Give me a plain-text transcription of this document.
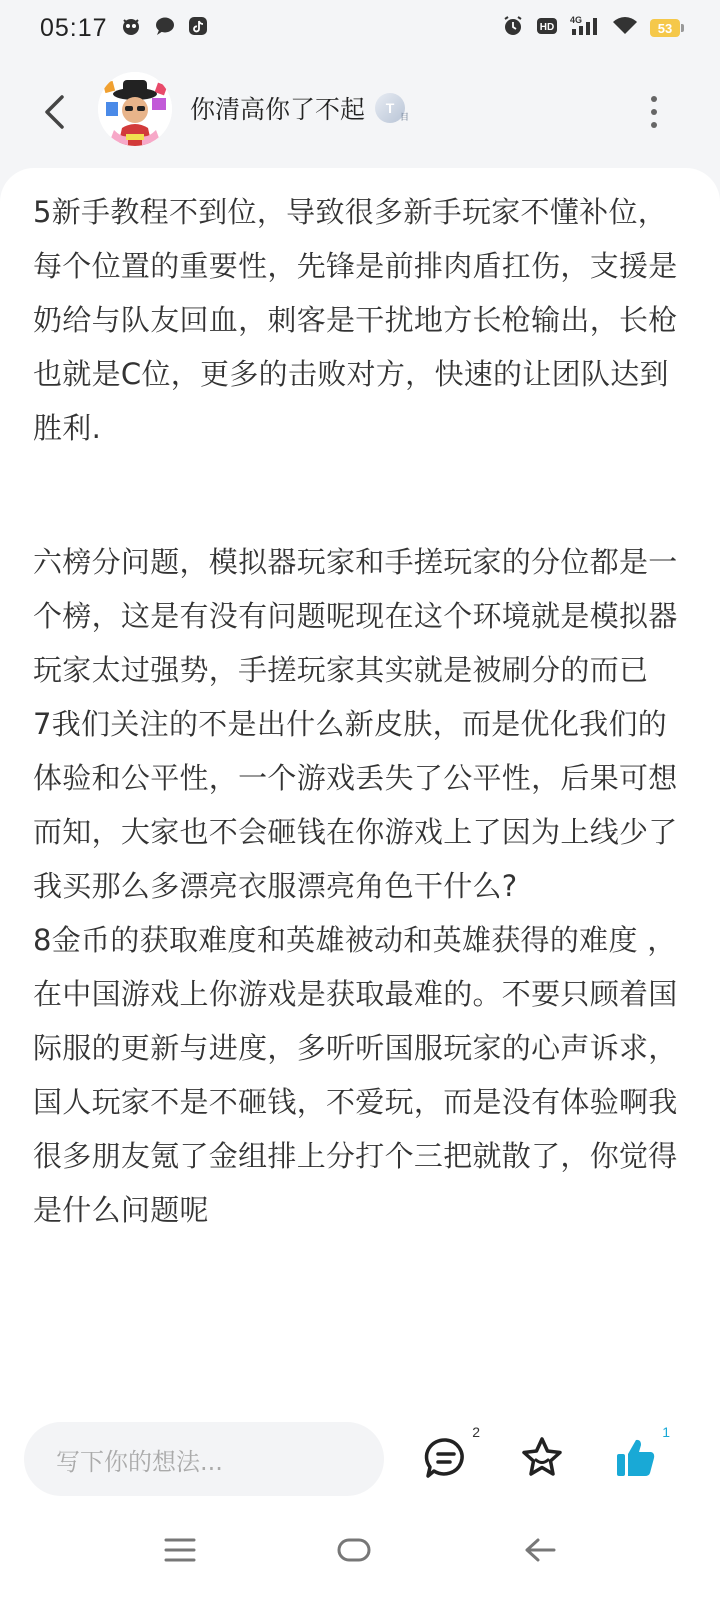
05:17	HD
4G
53
你清高你了不起 T
目

5新手教程不到位，导致很多新手玩家不懂补位，每个位置的重要性，先锋是前排肉盾扛伤，支援是奶给与队友回血，刺客是干扰地方长枪输出，长枪也就是C位，更多的击败对方，快速的让团队达到胜利.

六榜分问题，模拟器玩家和手搓玩家的分位都是一个榜，这是有没有问题呢现在这个环境就是模拟器玩家太过强势，手搓玩家其实就是被刷分的而已

7我们关注的不是出什么新皮肤，而是优化我们的体验和公平性，一个游戏丢失了公平性，后果可想而知，大家也不会砸钱在你游戏上了因为上线少了 我买那么多漂亮衣服漂亮角色干什么?

8金币的获取难度和英雄被动和英雄获得的难度 ，在中国游戏上你游戏是获取最难的。不要只顾着国际服的更新与进度，多听听国服玩家的心声诉求，国人玩家不是不砸钱，不爱玩，而是没有体验啊我很多朋友氪了金组排上分打个三把就散了，你觉得是什么问题呢

写下你的想法...
2	1
